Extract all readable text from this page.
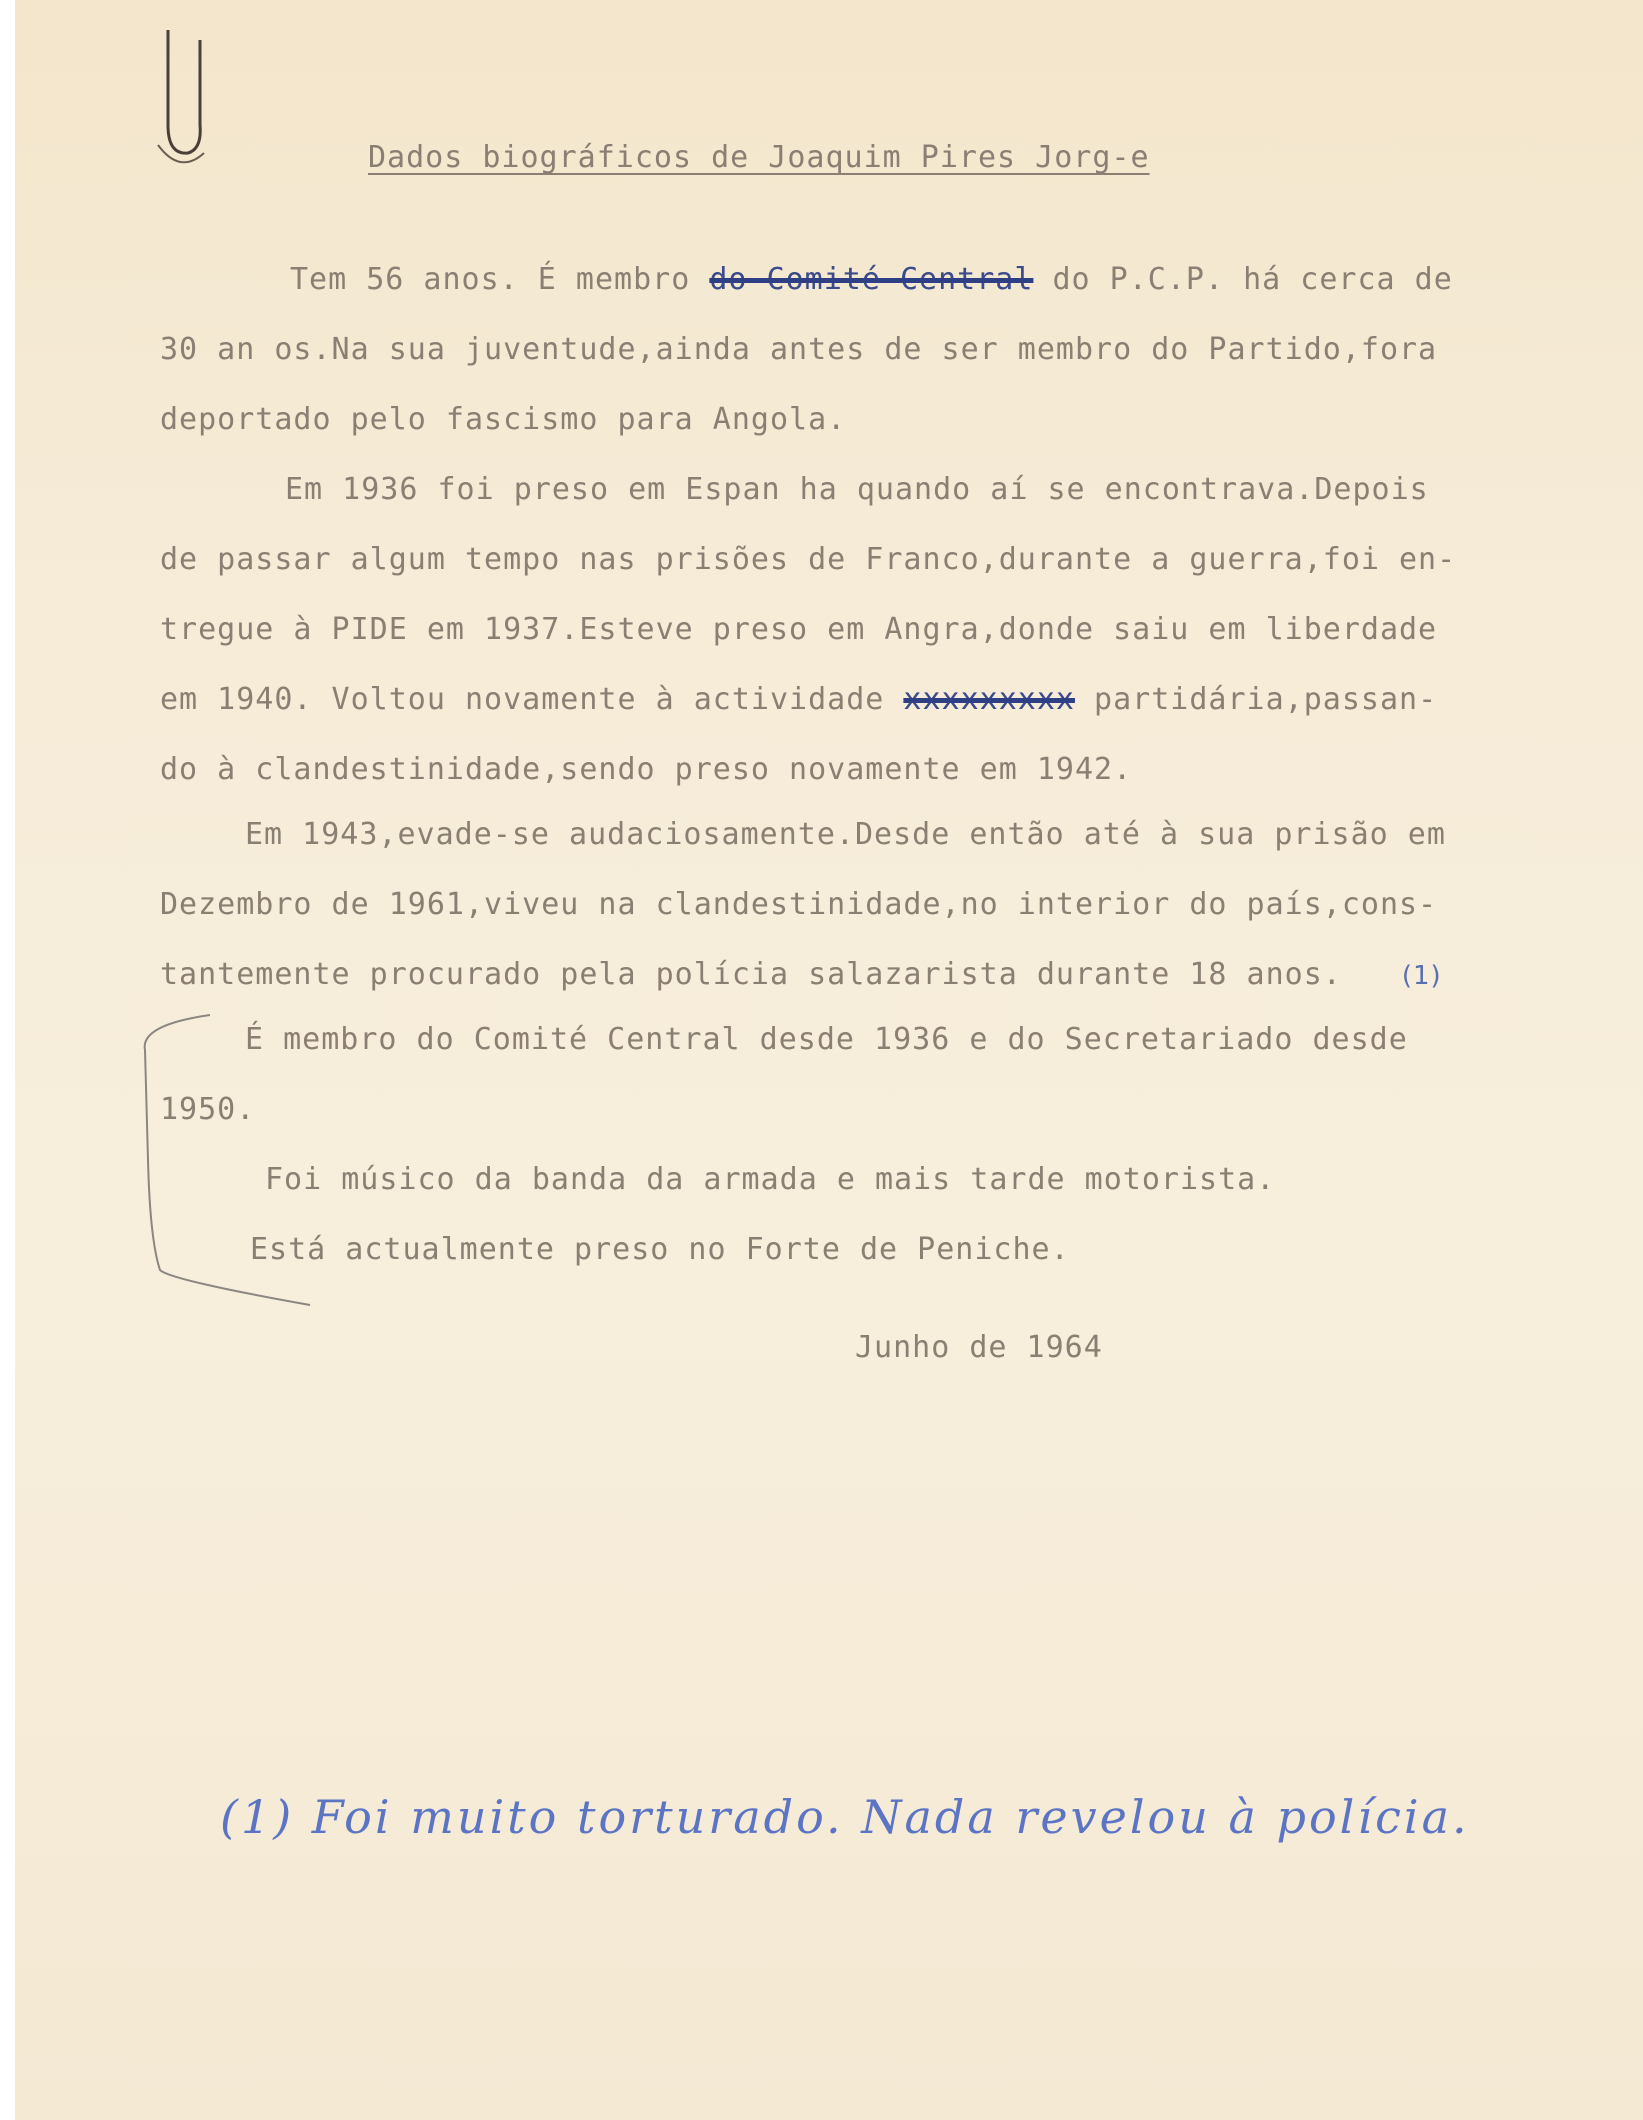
Dados biográficos de Joaquim Pires Jorg-e
Tem 56 anos. É membro do Comité Central do P.C.P. há cerca de
30 an os.Na sua juventude,ainda antes de ser membro do Partido,fora
deportado pelo fascismo para Angola.
Em 1936 foi preso em Espan ha quando aí se encontrava.Depois
de passar algum tempo nas prisões de Franco,durante a guerra,foi en-
tregue à PIDE em 1937.Esteve preso em Angra,donde saiu em liberdade
em 1940. Voltou novamente à actividade xxxxxxxxx partidária,passan-
do à clandestinidade,sendo preso novamente em 1942.
Em 1943,evade-se audaciosamente.Desde então até à sua prisão em
Dezembro de 1961,viveu na clandestinidade,no interior do país,cons-
tantemente procurado pela polícia salazarista durante 18 anos. (1)
É membro do Comité Central desde 1936 e do Secretariado desde
1950.
Foi músico da banda da armada e mais tarde motorista.
Está actualmente preso no Forte de Peniche.
Junho de 1964
(1) Foi muito torturado. Nada revelou à polícia.
